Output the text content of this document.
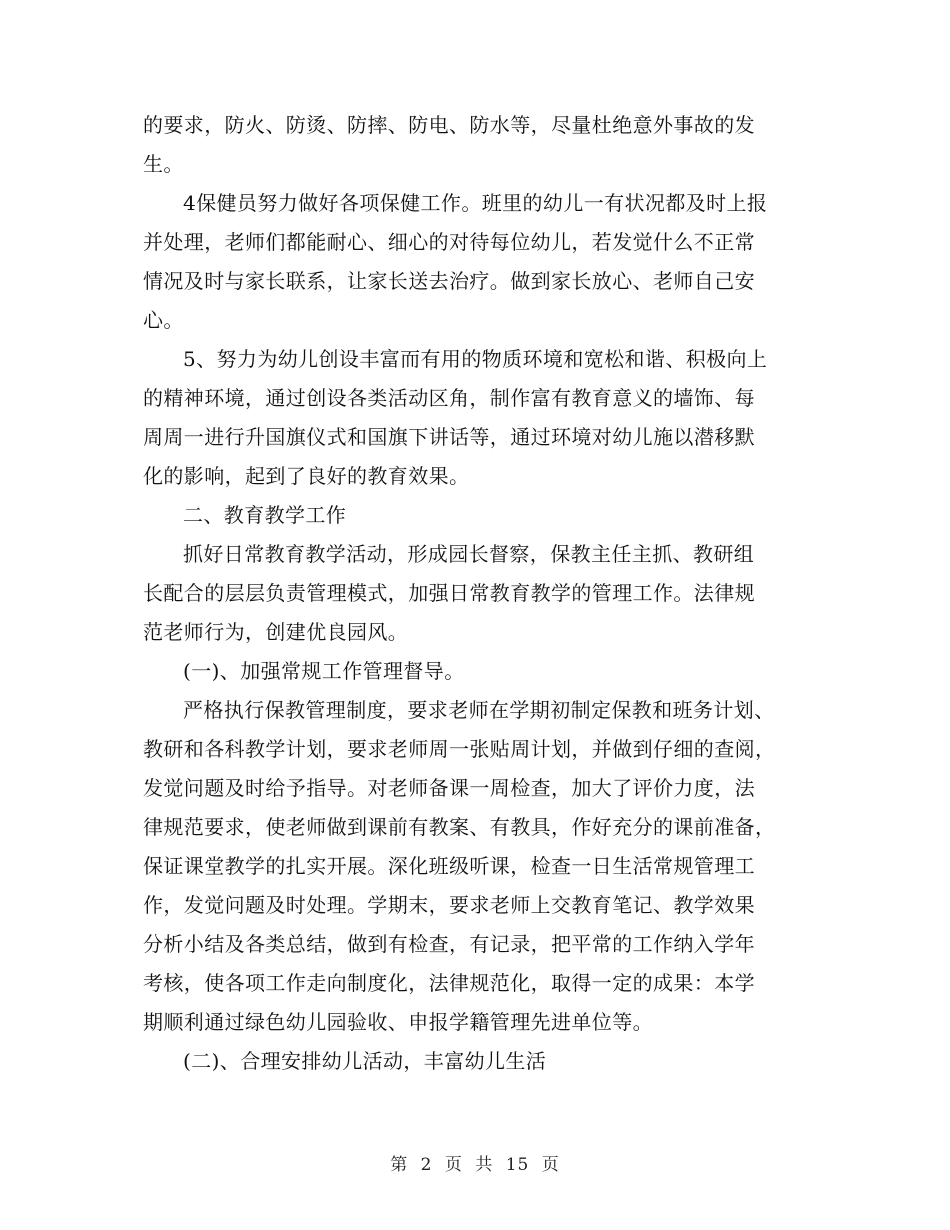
的要求，防火、防烫、防摔、防电、防水等，尽量杜绝意外事故的发
生。
4保健员努力做好各项保健工作。班里的幼儿一有状况都及时上报
并处理，老师们都能耐心、细心的对待每位幼儿，若发觉什么不正常
情况及时与家长联系，让家长送去治疗。做到家长放心、老师自己安
心。
5、努力为幼儿创设丰富而有用的物质环境和宽松和谐、积极向上
的精神环境，通过创设各类活动区角，制作富有教育意义的墙饰、每
周周一进行升国旗仪式和国旗下讲话等，通过环境对幼儿施以潜移默
化的影响，起到了良好的教育效果。
二、教育教学工作
抓好日常教育教学活动，形成园长督察，保教主任主抓、教研组
长配合的层层负责管理模式，加强日常教育教学的管理工作。法律规
范老师行为，创建优良园风。
(一)、加强常规工作管理督导。
严格执行保教管理制度，要求老师在学期初制定保教和班务计划、
教研和各科教学计划，要求老师周一张贴周计划，并做到仔细的查阅，
发觉问题及时给予指导。对老师备课一周检查，加大了评价力度，法
律规范要求，使老师做到课前有教案、有教具，作好充分的课前准备，
保证课堂教学的扎实开展。深化班级听课，检查一日生活常规管理工
作，发觉问题及时处理。学期末，要求老师上交教育笔记、教学效果
分析小结及各类总结，做到有检查，有记录，把平常的工作纳入学年
考核，使各项工作走向制度化，法律规范化，取得一定的成果：本学
期顺利通过绿色幼儿园验收、申报学籍管理先进单位等。
(二)、合理安排幼儿活动，丰富幼儿生活
第 2 页 共 15 页
